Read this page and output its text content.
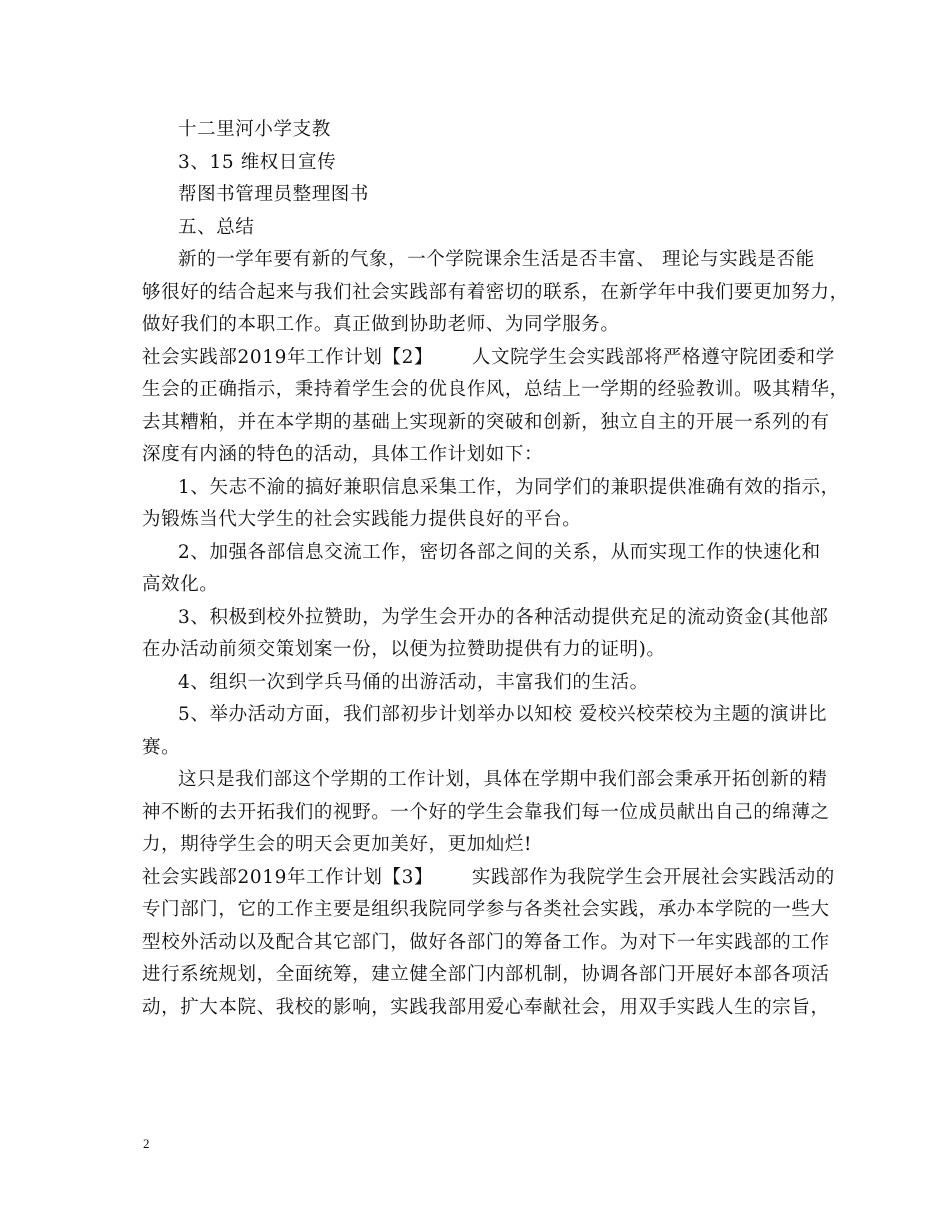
十二里河小学支教
3、15 维权日宣传
帮图书管理员整理图书
五、总结
新的一学年要有新的气象，一个学院课余生活是否丰富、 理论与实践是否能
够很好的结合起来与我们社会实践部有着密切的联系，在新学年中我们要更加努力，
做好我们的本职工作。真正做到协助老师、为同学服务。
社会实践部2019年工作计划【2】      人文院学生会实践部将严格遵守院团委和学
生会的正确指示，秉持着学生会的优良作风，总结上一学期的经验教训。吸其精华，
去其糟粕，并在本学期的基础上实现新的突破和创新，独立自主的开展一系列的有
深度有内涵的特色的活动，具体工作计划如下：
1、矢志不渝的搞好兼职信息采集工作，为同学们的兼职提供准确有效的指示，
为锻炼当代大学生的社会实践能力提供良好的平台。
2、加强各部信息交流工作，密切各部之间的关系，从而实现工作的快速化和
高效化。
3、积极到校外拉赞助，为学生会开办的各种活动提供充足的流动资金(其他部
在办活动前须交策划案一份，以便为拉赞助提供有力的证明)。
4、组织一次到学兵马俑的出游活动，丰富我们的生活。
5、举办活动方面，我们部初步计划举办以知校 爱校兴校荣校为主题的演讲比
赛。
这只是我们部这个学期的工作计划，具体在学期中我们部会秉承开拓创新的精
神不断的去开拓我们的视野。一个好的学生会靠我们每一位成员献出自己的绵薄之
力，期待学生会的明天会更加美好，更加灿烂!
社会实践部2019年工作计划【3】      实践部作为我院学生会开展社会实践活动的
专门部门，它的工作主要是组织我院同学参与各类社会实践，承办本学院的一些大
型校外活动以及配合其它部门，做好各部门的筹备工作。为对下一年实践部的工作
进行系统规划，全面统筹，建立健全部门内部机制，协调各部门开展好本部各项活
动，扩大本院、我校的影响，实践我部用爱心奉献社会，用双手实践人生的宗旨，
2
